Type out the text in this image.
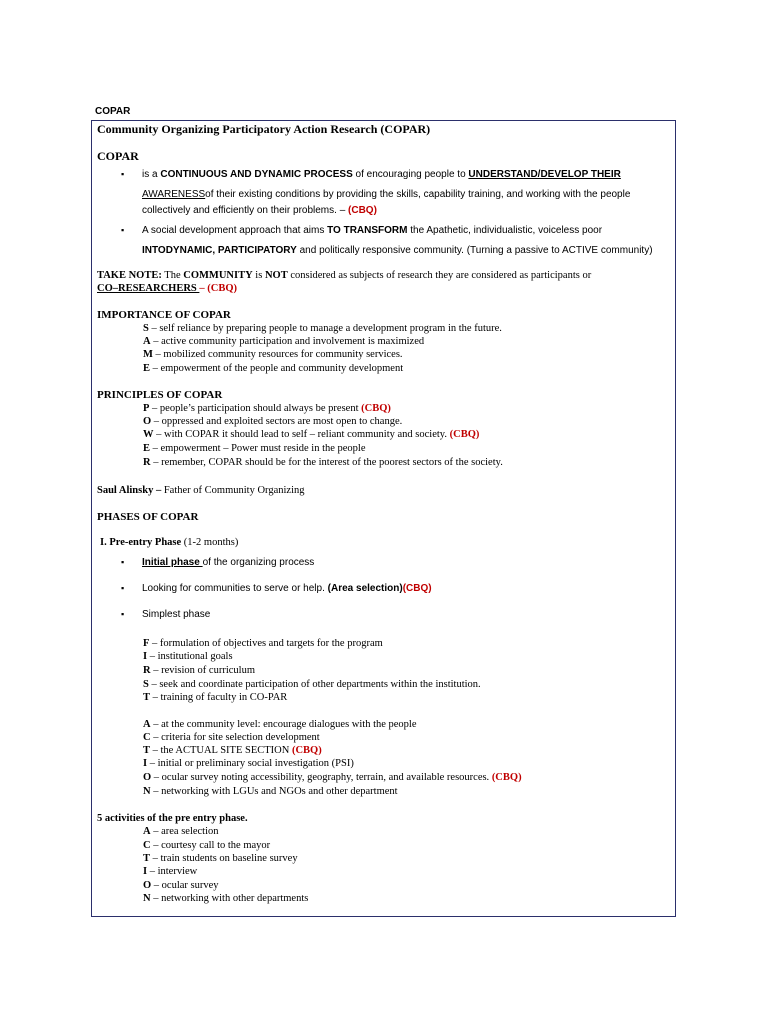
COPAR
Community Organizing Participatory Action Research (COPAR)
COPAR
▪ is a CONTINUOUS AND DYNAMIC PROCESS of encouraging people to UNDERSTAND/DEVELOP THEIR
AWARENESSof their existing conditions by providing the skills, capability training, and working with the people
collectively and efficiently on their problems. – (CBQ)
▪ A social development approach that aims TO TRANSFORM the Apathetic, individualistic, voiceless poor
INTODYNAMIC, PARTICIPATORY and politically responsive community. (Turning a passive to ACTIVE community)
TAKE NOTE: The COMMUNITY is NOT considered as subjects of research they are considered as participants or
CO–RESEARCHERS – (CBQ)
IMPORTANCE OF COPAR
S – self reliance by preparing people to manage a development program in the future.
A – active community participation and involvement is maximized
M – mobilized community resources for community services.
E – empowerment of the people and community development
PRINCIPLES OF COPAR
P – people’s participation should always be present (CBQ)
O – oppressed and exploited sectors are most open to change.
W – with COPAR it should lead to self – reliant community and society. (CBQ)
E – empowerment – Power must reside in the people
R – remember, COPAR should be for the interest of the poorest sectors of the society.
Saul Alinsky – Father of Community Organizing
PHASES OF COPAR
I. Pre-entry Phase (1-2 months)
▪ Initial phase of the organizing process
▪ Looking for communities to serve or help. (Area selection)(CBQ)
▪ Simplest phase
F – formulation of objectives and targets for the program
I – institutional goals
R – revision of curriculum
S – seek and coordinate participation of other departments within the institution.
T – training of faculty in CO-PAR
A – at the community level: encourage dialogues with the people
C – criteria for site selection development
T – the ACTUAL SITE SECTION (CBQ)
I – initial or preliminary social investigation (PSI)
O – ocular survey noting accessibility, geography, terrain, and available resources. (CBQ)
N – networking with LGUs and NGOs and other department
5 activities of the pre entry phase.
A – area selection
C – courtesy call to the mayor
T – train students on baseline survey
I – interview
O – ocular survey
N – networking with other departments
